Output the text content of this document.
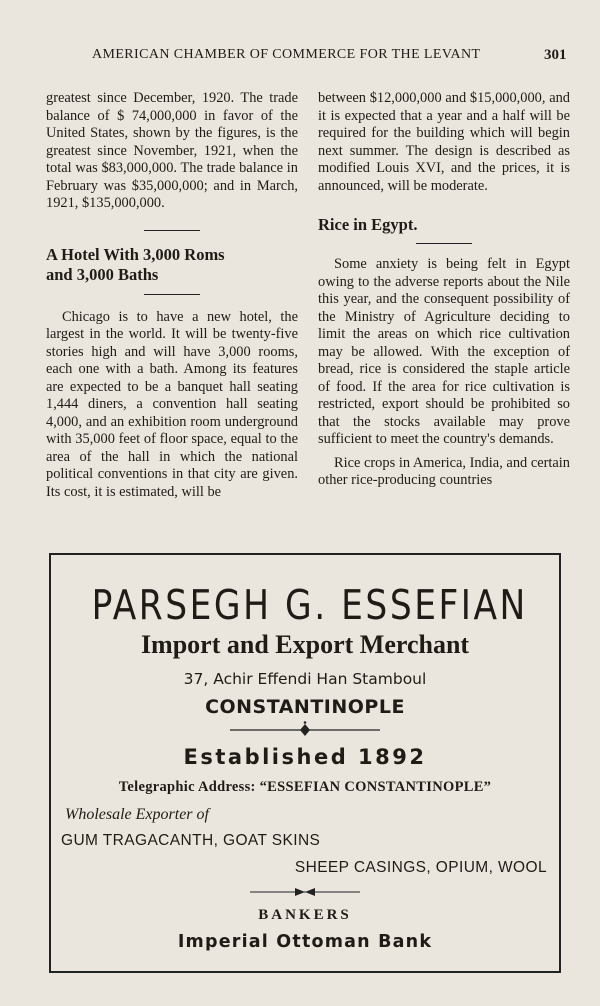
AMERICAN CHAMBER OF COMMERCE FOR THE LEVANT	301

greatest since December, 1920. The trade balance of $ 74,000,000 in favor of the United States, shown by the figures, is the greatest since November, 1921, when the total was $83,000,000. The trade balance in February was $35,000,000; and in March, 1921, $135,000,000.

A Hotel With 3,000 Roms

and 3,000 Baths

Chicago is to have a new hotel, the largest in the world. It will be twenty-five stories high and will have 3,000 rooms, each one with a bath. Among its features are expected to be a banquet hall seating 1,444 diners, a convention hall seating 4,000, and an exhibition room underground with 35,000 feet of floor space, equal to the area of the hall in which the national political conventions in that city are given. Its cost, it is estimated, will be

between $12,000,000 and $15,000,000, and it is expected that a year and a half will be required for the building which will begin next summer. The design is described as modified Louis XVI, and the prices, it is announced, will be moderate.

Rice in Egypt.

Some anxiety is being felt in Egypt owing to the adverse reports about the Nile this year, and the consequent possibility of the Ministry of Agriculture deciding to limit the areas on which rice cultivation may be allowed. With the exception of bread, rice is considered the staple article of food. If the area for rice cultivation is restricted, export should be prohibited so that the stocks available may prove sufficient to meet the country's demands.

Rice crops in America, India, and certain other rice-producing countries

PARSEGH G. ESSEFIAN
Import and Export Merchant
37, Achir Effendi Han Stamboul
CONSTANTINOPLE
Established 1892
Telegraphic Address: “ESSEFIAN CONSTANTINOPLE”
Wholesale Exporter of
GUM TRAGACANTH, GOAT SKINS
SHEEP CASINGS, OPIUM, WOOL
BANKERS
Imperial Ottoman Bank
